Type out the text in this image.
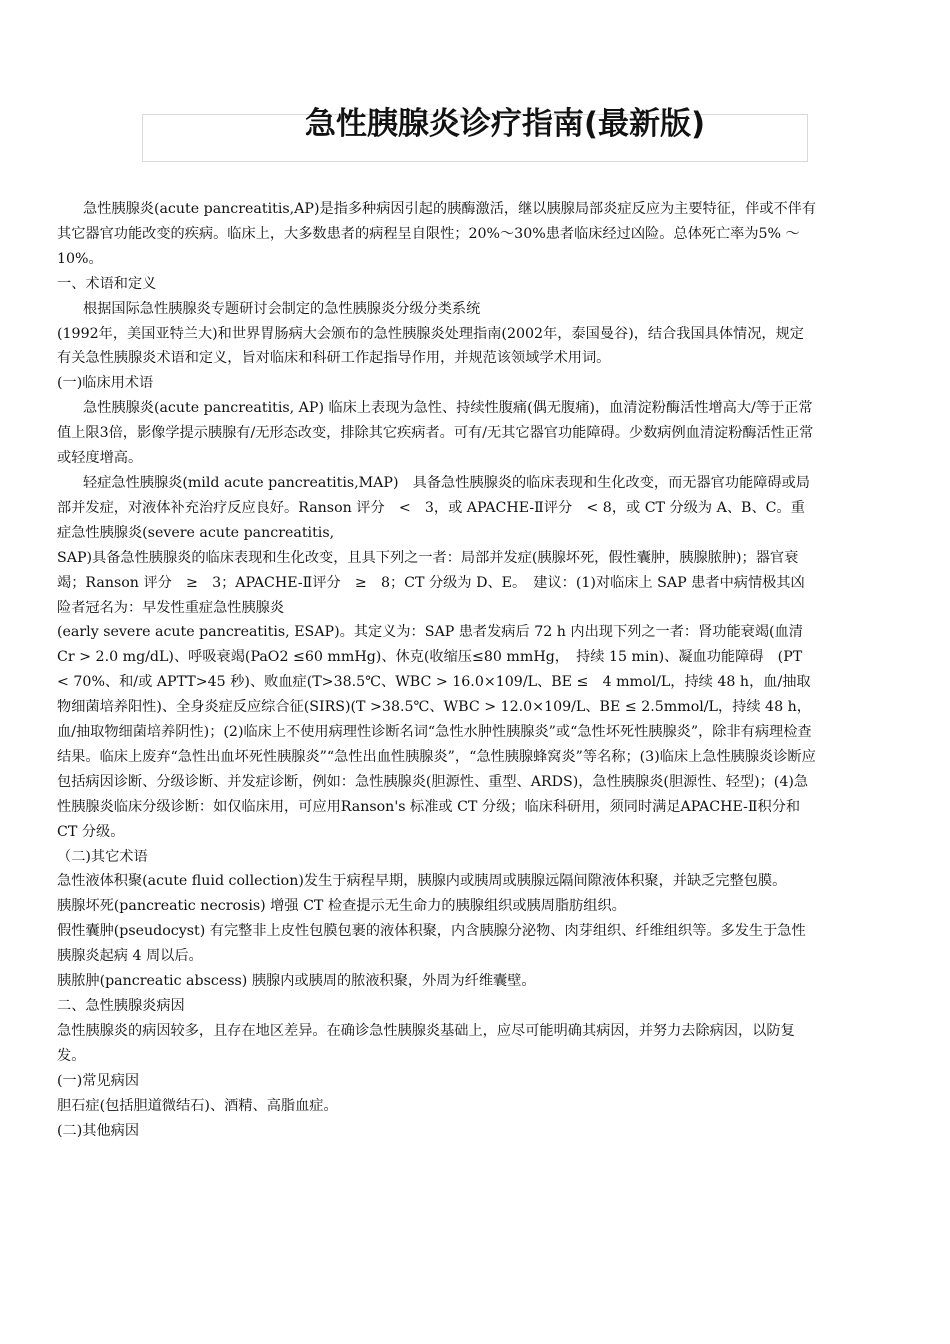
急性胰腺炎诊疗指南(最新版)

急性胰腺炎(acute pancreatitis,AP)是指多种病因引起的胰酶激活，继以胰腺局部炎症反应为主要特征，伴或不伴有其它器官功能改变的疾病。临床上，大多数患者的病程呈自限性；20%～30%患者临床经过凶险。总体死亡率为5% ～10%。

一、术语和定义

根据国际急性胰腺炎专题研讨会制定的急性胰腺炎分级分类系统

(1992年，美国亚特兰大)和世界胃肠病大会颁布的急性胰腺炎处理指南(2002年，泰国曼谷)，结合我国具体情况，规定有关急性胰腺炎术语和定义，旨对临床和科研工作起指导作用，并规范该领域学术用词。

(一)临床用术语

急性胰腺炎(acute pancreatitis, AP) 临床上表现为急性、持续性腹痛(偶无腹痛)，血清淀粉酶活性增高大/等于正常值上限3倍，影像学提示胰腺有/无形态改变，排除其它疾病者。可有/无其它器官功能障碍。少数病例血清淀粉酶活性正常或轻度增高。

轻症急性胰腺炎(mild acute pancreatitis,MAP)　具备急性胰腺炎的临床表现和生化改变，而无器官功能障碍或局部并发症，对液体补充治疗反应良好。Ranson 评分　<　3，或 APACHE-Ⅱ评分　< 8，或 CT 分级为 A、B、C。重症急性胰腺炎(severe acute pancreatitis,

SAP)具备急性胰腺炎的临床表现和生化改变，且具下列之一者：局部并发症(胰腺坏死，假性囊肿，胰腺脓肿)；器官衰竭；Ranson 评分　≥　3；APACHE-Ⅱ评分　≥　8；CT 分级为 D、E。　建议：(1)对临床上 SAP 患者中病情极其凶险者冠名为：早发性重症急性胰腺炎

(early severe acute pancreatitis, ESAP)。其定义为：SAP 患者发病后 72 h 内出现下列之一者：肾功能衰竭(血清 Cr > 2.0 mg/dL)、呼吸衰竭(PaO2 ≤60 mmHg)、休克(收缩压≤80 mmHg，　持续 15 min)、凝血功能障碍　(PT < 70%、和/或 APTT>45 秒)、败血症(T>38.5℃、WBC > 16.0×109/L、BE ≤　4 mmol/L，持续 48 h，血/抽取物细菌培养阳性)、全身炎症反应综合征(SIRS)(T >38.5℃、WBC > 12.0×109/L、BE ≤ 2.5mmol/L，持续 48 h，血/抽取物细菌培养阴性)；(2)临床上不使用病理性诊断名词“急性水肿性胰腺炎”或“急性坏死性胰腺炎”，除非有病理检查结果。临床上废弃“急性出血坏死性胰腺炎”“急性出血性胰腺炎”，“急性胰腺蜂窝炎”等名称；(3)临床上急性胰腺炎诊断应包括病因诊断、分级诊断、并发症诊断，例如：急性胰腺炎(胆源性、重型、ARDS)，急性胰腺炎(胆源性、轻型)；(4)急性胰腺炎临床分级诊断：如仅临床用，可应用Ranson's 标准或 CT 分级；临床科研用，须同时满足APACHE-Ⅱ积分和 CT 分级。

（二)其它术语

急性液体积聚(acute fluid collection)发生于病程早期，胰腺内或胰周或胰腺远隔间隙液体积聚，并缺乏完整包膜。

胰腺坏死(pancreatic necrosis) 增强 CT 检查提示无生命力的胰腺组织或胰周脂肪组织。

假性囊肿(pseudocyst) 有完整非上皮性包膜包裹的液体积聚，内含胰腺分泌物、肉芽组织、纤维组织等。多发生于急性胰腺炎起病 4 周以后。

胰脓肿(pancreatic abscess) 胰腺内或胰周的脓液积聚，外周为纤维囊壁。

二、急性胰腺炎病因

急性胰腺炎的病因较多，且存在地区差异。在确诊急性胰腺炎基础上，应尽可能明确其病因，并努力去除病因，以防复发。

(一)常见病因

胆石症(包括胆道微结石)、酒精、高脂血症。

(二)其他病因
